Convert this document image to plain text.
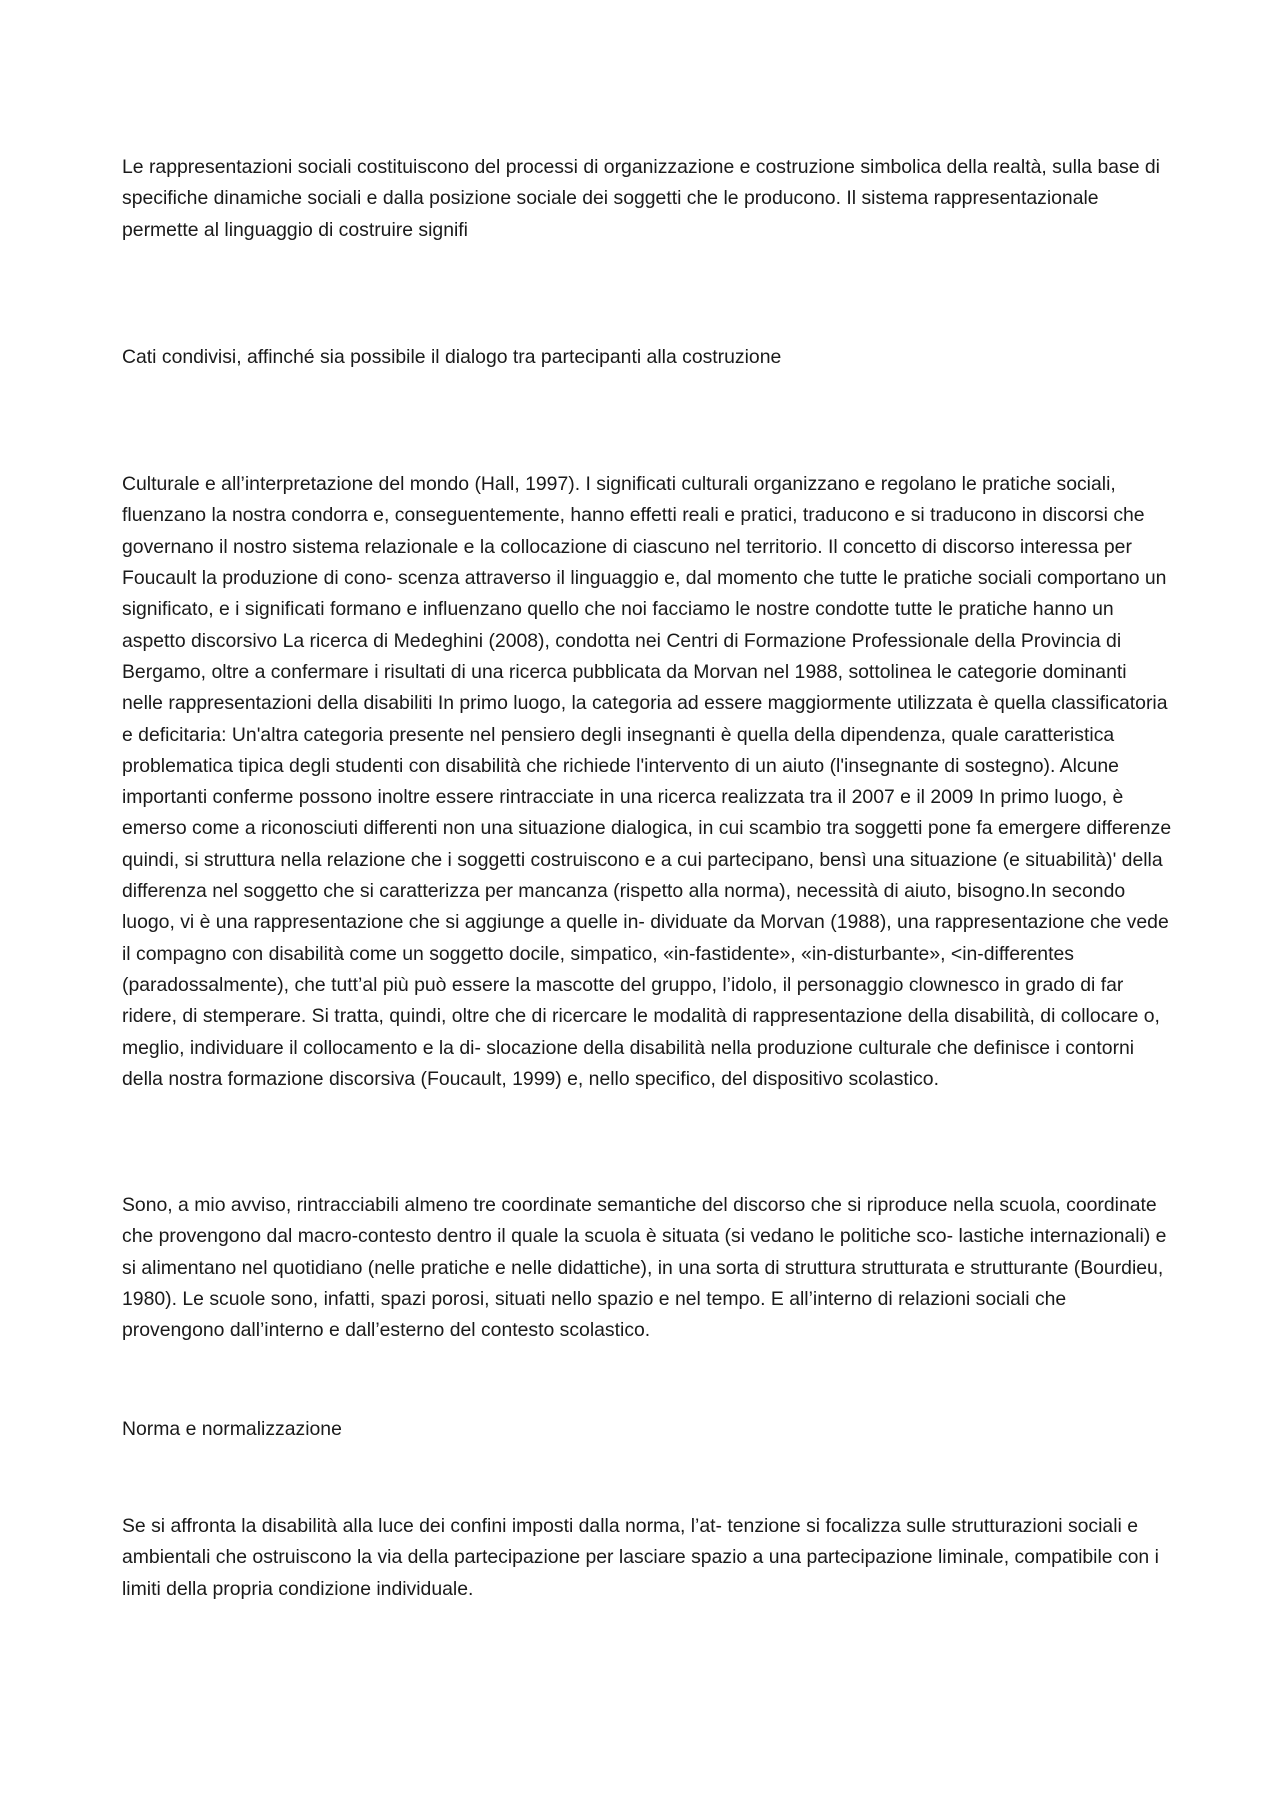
Le rappresentazioni sociali costituiscono del processi di organizzazione e costruzione simbolica della realtà, sulla base di specifiche dinamiche sociali e dalla posizione sociale dei soggetti che le producono. Il sistema rappresentazionale permette al linguaggio di costruire signifi

Cati condivisi, affinché sia possibile il dialogo tra partecipanti alla costruzione

Culturale e all’interpretazione del mondo (Hall, 1997). I significati culturali organizzano e regolano le pratiche sociali, fluenzano la nostra condorra e, conseguentemente, hanno effetti reali e pratici, traducono e si traducono in discorsi che governano il nostro sistema relazionale e la collocazione di ciascuno nel territorio. Il concetto di discorso interessa per Foucault la produzione di cono- scenza attraverso il linguaggio e, dal momento che tutte le pratiche sociali comportano un significato, e i significati formano e influenzano quello che noi facciamo le nostre condotte tutte le pratiche hanno un aspetto discorsivo La ricerca di Medeghini (2008), condotta nei Centri di Formazione Professionale della Provincia di Bergamo, oltre a confermare i risultati di una ricerca pubblicata da Morvan nel 1988, sottolinea le categorie dominanti nelle rappresentazioni della disabiliti In primo luogo, la categoria ad essere maggiormente utilizzata è quella classificatoria e deficitaria: Un'altra categoria presente nel pensiero degli insegnanti è quella della dipendenza, quale caratteristica problematica tipica degli studenti con disabilità che richiede l'intervento di un aiuto (l'insegnante di sostegno). Alcune importanti conferme possono inoltre essere rintracciate in una ricerca realizzata tra il 2007 e il 2009 In primo luogo, è emerso come a riconosciuti differenti non una situazione dialogica, in cui scambio tra soggetti pone fa emergere differenze quindi, si struttura nella relazione che i soggetti costruiscono e a cui partecipano, bensì una situazione (e situabilità)' della differenza nel soggetto che si caratterizza per mancanza (rispetto alla norma), necessità di aiuto, bisogno.In secondo luogo, vi è una rappresentazione che si aggiunge a quelle in- dividuate da Morvan (1988), una rappresentazione che vede il compagno con disabilità come un soggetto docile, simpatico, «in-fastidente», «in-disturbante», <in-differentes (paradossalmente), che tutt’al più può essere la mascotte del gruppo, l’idolo, il personaggio clownesco in grado di far ridere, di stemperare. Si tratta, quindi, oltre che di ricercare le modalità di rappresentazione della disabilità, di collocare o, meglio, individuare il collocamento e la di- slocazione della disabilità nella produzione culturale che definisce i contorni della nostra formazione discorsiva (Foucault, 1999) e, nello specifico, del dispositivo scolastico.

Sono, a mio avviso, rintracciabili almeno tre coordinate semantiche del discorso che si riproduce nella scuola, coordinate che provengono dal macro-contesto dentro il quale la scuola è situata (si vedano le politiche sco- lastiche internazionali) e si alimentano nel quotidiano (nelle pratiche e nelle didattiche), in una sorta di struttura strutturata e strutturante (Bourdieu, 1980). Le scuole sono, infatti, spazi porosi, situati nello spazio e nel tempo. E all’interno di relazioni sociali che provengono dall’interno e dall’esterno del contesto scolastico.

Norma e normalizzazione

Se si affronta la disabilità alla luce dei confini imposti dalla norma, l’at- tenzione si focalizza sulle strutturazioni sociali e ambientali che ostruiscono la via della partecipazione per lasciare spazio a una partecipazione liminale, compatibile con i limiti della propria condizione individuale.
